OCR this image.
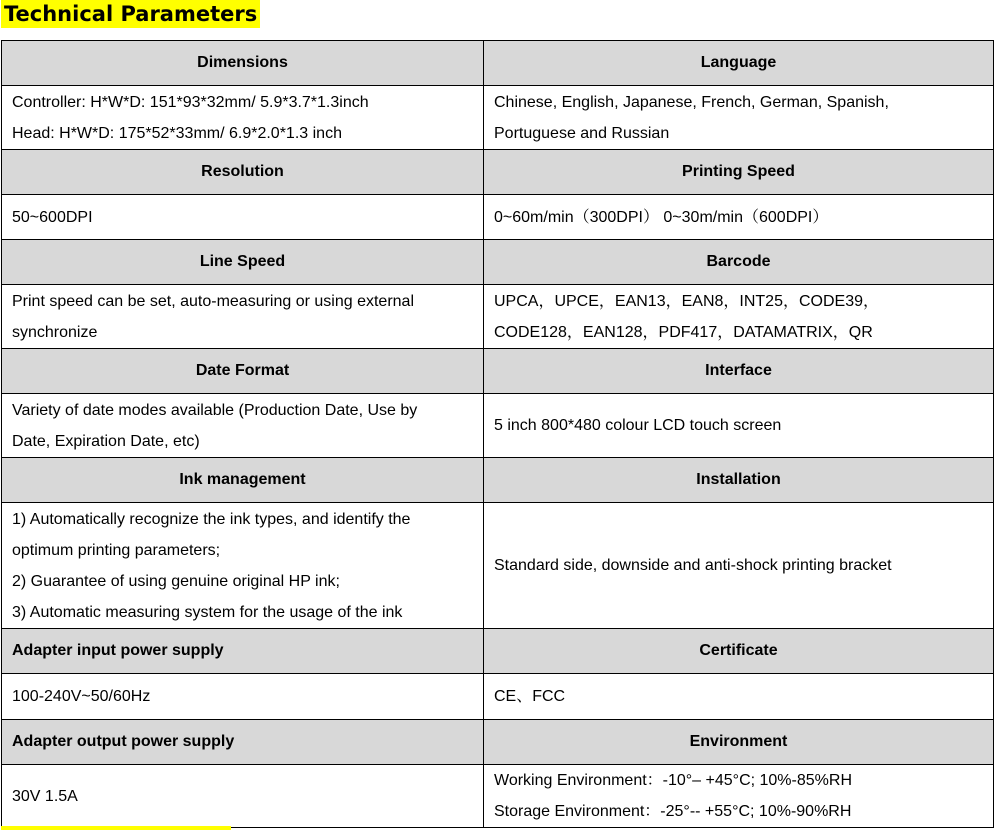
Technical Parameters
Dimensions	Language

Controller: H*W*D: 151*93*32mm/ 5.9*3.7*1.3inch
Head: H*W*D: 175*52*33mm/ 6.9*2.0*1.3 inch	Chinese, English, Japanese, French, German, Spanish,
Portuguese and Russian

Resolution	Printing Speed

50~600DPI	0~60m/min（300DPI） 0~30m/min（600DPI）

Line Speed	Barcode

Print speed can be set, auto-measuring or using external
synchronize	UPCA，UPCE，EAN13，EAN8，INT25，CODE39，
CODE128，EAN128，PDF417，DATAMATRIX，QR

Date Format	Interface

Variety of date modes available (Production Date, Use by
Date, Expiration Date, etc)	5 inch 800*480 colour LCD touch screen

Ink management	Installation

1) Automatically recognize the ink types, and identify the
optimum printing parameters;
2) Guarantee of using genuine original HP ink;
3) Automatic measuring system for the usage of the ink	Standard side, downside and anti-shock printing bracket

Adapter input power supply	Certificate

100-240V~50/60Hz	CE、FCC

Adapter output power supply	Environment

30V 1.5A	Working Environment：-10°– +45°C; 10%-85%RH
Storage Environment：-25°-- +55°C; 10%-90%RH
